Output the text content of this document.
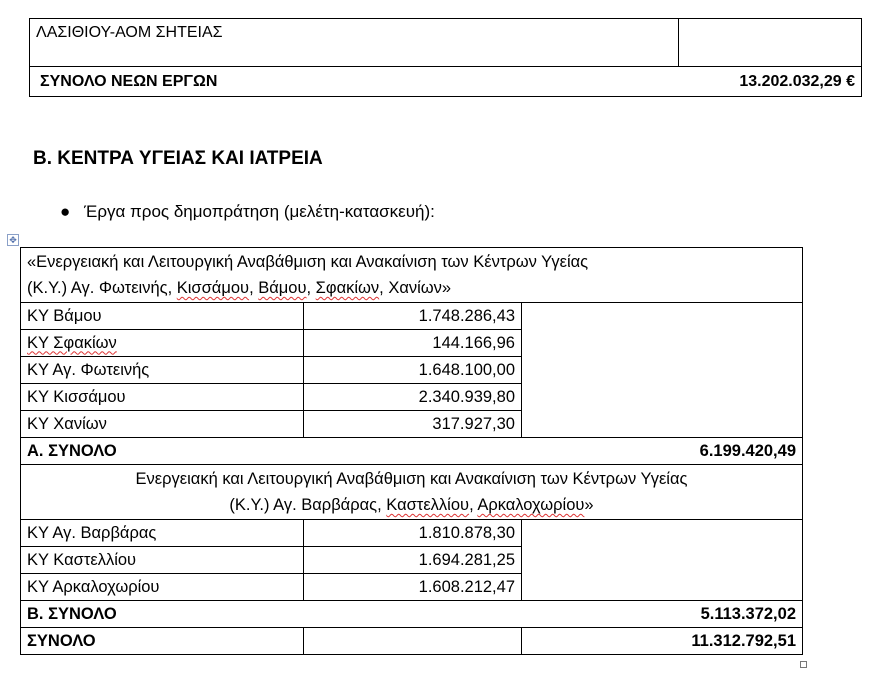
ΛΑΣΙΘΙΟΥ-ΑΟΜ ΣΗΤΕΙΑΣ	

ΣΥΝΟΛΟ ΝΕΩΝ ΕΡΓΩΝ	13.202.032,29 €
Β. ΚΕΝΤΡΑ ΥΓΕΙΑΣ ΚΑΙ ΙΑΤΡΕΙΑ
● Έργα προς δημοπράτηση (μελέτη-κατασκευή):
✥
«Ενεργειακή και Λειτουργική Αναβάθμιση και Ανακαίνιση των Κέντρων Υγείας
(Κ.Υ.) Αγ. Φωτεινής, Κισσάμου, Βάμου, Σφακίων, Χανίων»		

ΚΥ Βάμου	1.748.286,43	
ΚΥ Σφακίων	144.166,96	
ΚΥ Αγ. Φωτεινής	1.648.100,00	
ΚΥ Κισσάμου	2.340.939,80	
ΚΥ Χανίων	317.927,30	

Α. ΣΥΝΟΛΟ 6.199.420,49		

Ενεργειακή και Λειτουργική Αναβάθμιση και Ανακαίνιση των Κέντρων Υγείας
(Κ.Υ.) Αγ. Βαρβάρας, Καστελλίου, Αρκαλοχωρίου»		

ΚΥ Αγ. Βαρβάρας	1.810.878,30	
ΚΥ Καστελλίου	1.694.281,25	
ΚΥ Αρκαλοχωρίου	1.608.212,47	

Β. ΣΥΝΟΛΟ 5.113.372,02		

ΣΥΝΟΛΟ		11.312.792,51
